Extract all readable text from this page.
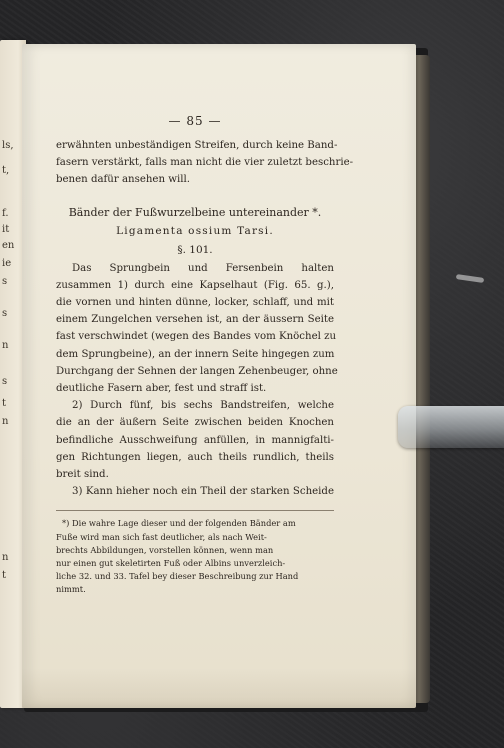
ls,
t,
f.
it
en
ie
s
s
n
s
t
n
n
t
— 85 —
erwähnten unbeständigen Streifen, durch keine Band-
fasern verstärkt, falls man nicht die vier zuletzt beschrie-
benen dafür ansehen will.
Bänder der Fußwurzelbeine untereinander *.
Ligamenta ossium Tarsi.
§. 101.
Das Sprungbein und Fersenbein halten
zusammen 1) durch eine Kapselhaut (Fig. 65. g.),
die vornen und hinten dünne, locker, schlaff, und mit
einem Zungelchen versehen ist, an der äussern Seite
fast verschwindet (wegen des Bandes vom Knöchel zu
dem Sprungbeine), an der innern Seite hingegen zum
Durchgang der Sehnen der langen Zehenbeuger, ohne
deutliche Fasern aber, fest und straff ist.
2) Durch fünf, bis sechs Bandstreifen, welche
die an der äußern Seite zwischen beiden Knochen
befindliche Ausschweifung anfüllen, in mannigfalti-
gen Richtungen liegen, auch theils rundlich, theils
breit sind.
3) Kann hieher noch ein Theil der starken Scheide
*) Die wahre Lage dieser und der folgenden Bänder am
Fuße wird man sich fast deutlicher, als nach Weit-
brechts Abbildungen, vorstellen können, wenn man
nur einen gut skeletirten Fuß oder Albins unverzleich-
liche 32. und 33. Tafel bey dieser Beschreibung zur Hand
nimmt.
